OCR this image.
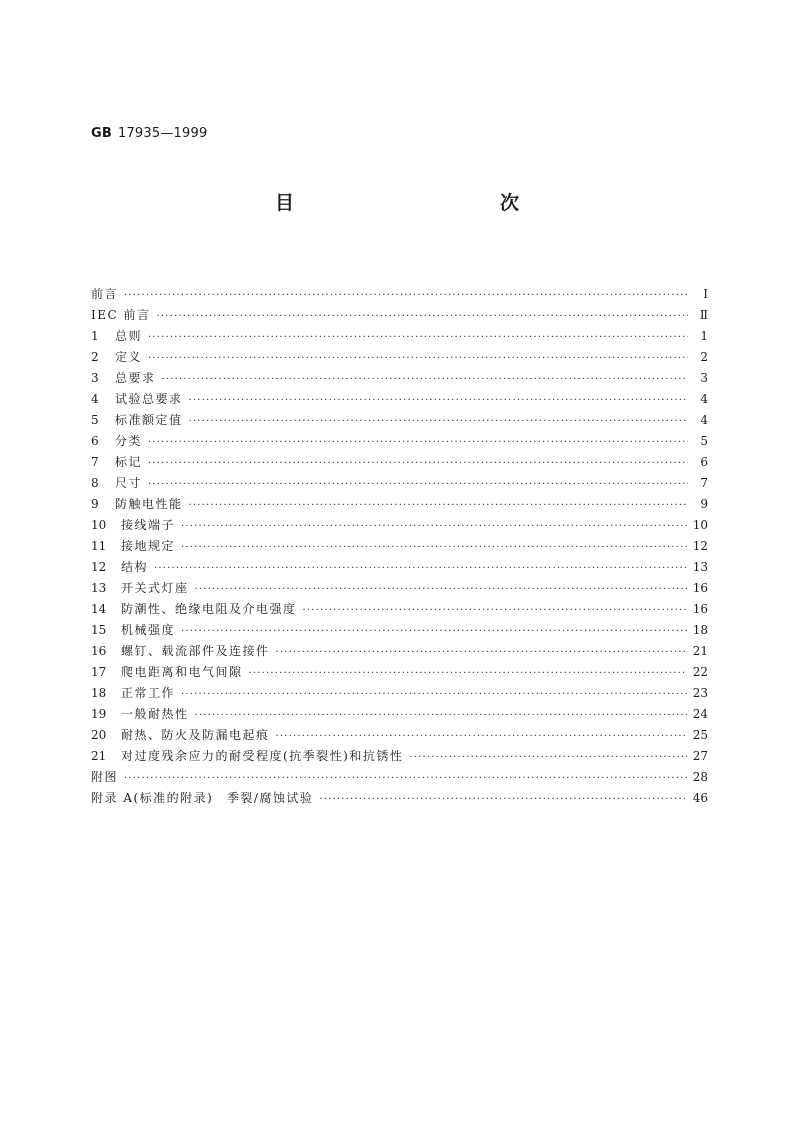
GB 17935—1999
目　　次
前言 ·····	Ⅰ
IEC 前言 ·····	Ⅱ
1	总则 ·····	1
2	定义 ·····	2
3	总要求 ·····	3
4	试验总要求 ·····	4
5	标准额定值 ·····	4
6	分类 ·····	5
7	标记 ·····	6
8	尺寸 ·····	7
9	防触电性能 ·····	9
10	接线端子 ·····	10
11	接地规定 ·····	12
12	结构 ·····	13
13	开关式灯座 ·····	16
14	防潮性、绝缘电阻及介电强度 ·····	16
15	机械强度 ·····	18
16	螺钉、载流部件及连接件 ·····	21
17	爬电距离和电气间隙 ·····	22
18	正常工作 ·····	23
19	一般耐热性 ·····	24
20	耐热、防火及防漏电起痕 ·····	25
21	对过度残余应力的耐受程度(抗季裂性)和抗锈性 ·····	27
附图 ·····	28
附录 A(标准的附录)　季裂/腐蚀试验 ·····	46
